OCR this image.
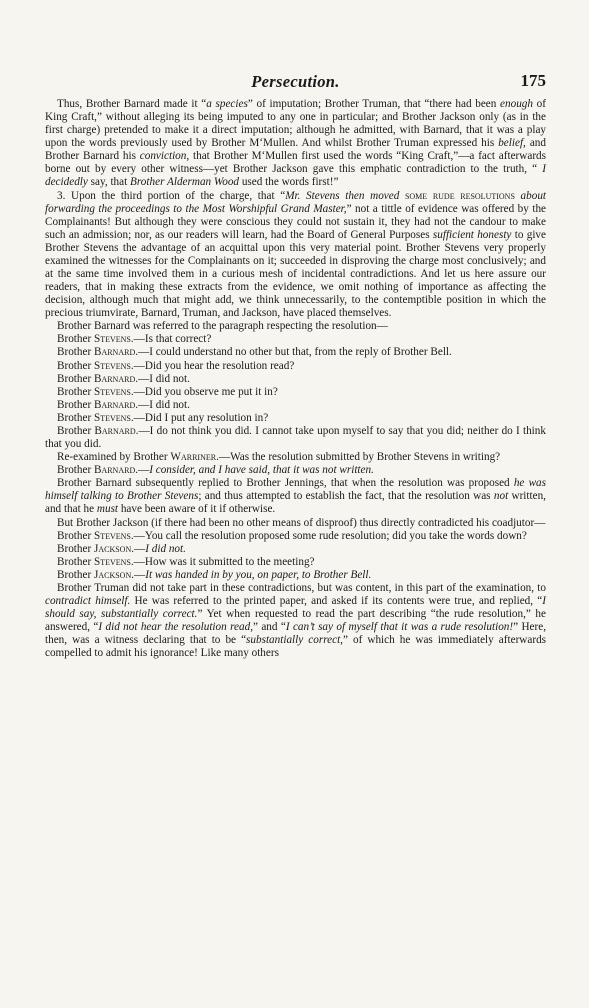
Persecution.	175

Thus, Brother Barnard made it “a species” of imputation; Brother Truman, that “there had been enough of King Craft,” without alleging its being imputed to any one in particular; and Brother Jackson only (as in the first charge) pretended to make it a direct imputation; although he admitted, with Barnard, that it was a play upon the words previously used by Brother M‘Mullen. And whilst Brother Truman expressed his belief, and Brother Barnard his conviction, that Brother M‘Mullen first used the words “King Craft,”—a fact afterwards borne out by every other witness—yet Brother Jackson gave this emphatic contradiction to the truth, “ I decidedly say, that Brother Alderman Wood used the words first!”

3. Upon the third portion of the charge, that “Mr. Stevens then moved some rude resolutions about forwarding the proceedings to the Most Worshipful Grand Master,” not a tittle of evidence was offered by the Complainants! But although they were conscious they could not sustain it, they had not the candour to make such an admission; nor, as our readers will learn, had the Board of General Purposes sufficient honesty to give Brother Stevens the advantage of an acquittal upon this very material point. Brother Stevens very properly examined the witnesses for the Complainants on it; succeeded in disproving the charge most conclusively; and at the same time involved them in a curious mesh of incidental contradictions. And let us here assure our readers, that in making these extracts from the evidence, we omit nothing of importance as affecting the decision, although much that might add, we think unnecessarily, to the contemptible position in which the precious triumvirate, Barnard, Truman, and Jackson, have placed themselves.

Brother Barnard was referred to the paragraph respecting the resolution—

Brother Stevens.—Is that correct?

Brother Barnard.—I could understand no other but that, from the reply of Brother Bell.

Brother Stevens.—Did you hear the resolution read?

Brother Barnard.—I did not.

Brother Stevens.—Did you observe me put it in?

Brother Barnard.—I did not.

Brother Stevens.—Did I put any resolution in?

Brother Barnard.—I do not think you did. I cannot take upon myself to say that you did; neither do I think that you did.

Re-examined by Brother Warriner.—Was the resolution submitted by Brother Stevens in writing?

Brother Barnard.—I consider, and I have said, that it was not written.

Brother Barnard subsequently replied to Brother Jennings, that when the resolution was proposed he was himself talking to Brother Stevens; and thus attempted to establish the fact, that the resolution was not written, and that he must have been aware of it if otherwise.

But Brother Jackson (if there had been no other means of disproof) thus directly contradicted his coadjutor—

Brother Stevens.—You call the resolution proposed some rude resolution; did you take the words down?

Brother Jackson.—I did not.

Brother Stevens.—How was it submitted to the meeting?

Brother Jackson.—It was handed in by you, on paper, to Brother Bell.

Brother Truman did not take part in these contradictions, but was content, in this part of the examination, to contradict himself. He was referred to the printed paper, and asked if its contents were true, and replied, “I should say, substantially correct.” Yet when requested to read the part describing “the rude resolution,” he answered, “I did not hear the resolution read,” and “I can’t say of myself that it was a rude resolution!” Here, then, was a witness declaring that to be “substantially correct,” of which he was immediately afterwards compelled to admit his ignorance! Like many others
